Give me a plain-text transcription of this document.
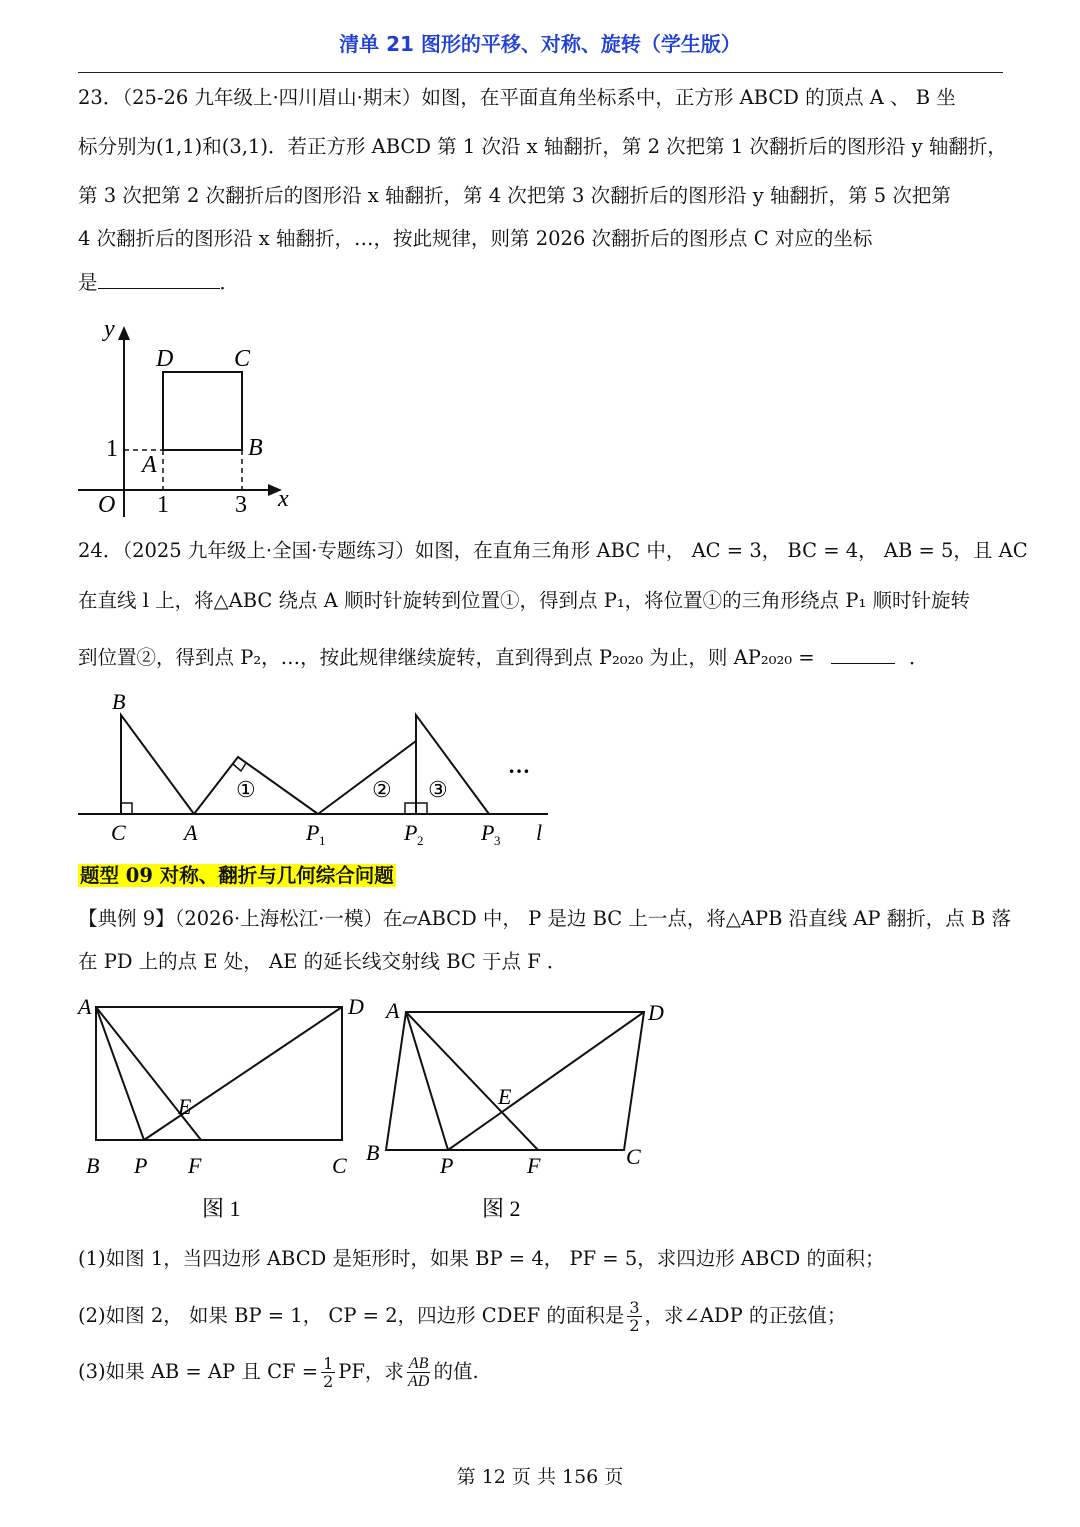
清单 21 图形的平移、对称、旋转（学生版）
23．（25-26 九年级上·四川眉山·期末）如图，在平面直角坐标系中，正方形 ABCD 的顶点 A 、 B 坐
标分别为(1,1)和(3,1)．若正方形 ABCD 第 1 次沿 x 轴翻折，第 2 次把第 1 次翻折后的图形沿 y 轴翻折，
第 3 次把第 2 次翻折后的图形沿 x 轴翻折，第 4 次把第 3 次翻折后的图形沿 y 轴翻折，第 5 次把第
4 次翻折后的图形沿 x 轴翻折，…，按此规律，则第 2026 次翻折后的图形点 C 对应的坐标
是	．
y
x
O
D	C
A
B
1
1	3
24．（2025 九年级上·全国·专题练习）如图，在直角三角形 ABC 中， AC = 3， BC = 4， AB = 5，且 AC
在直线 l 上，将△ABC 绕点 A 顺时针旋转到位置①，得到点 P₁，将位置①的三角形绕点 P₁ 顺时针旋转
到位置②，得到点 P₂，…，按此规律继续旋转，直到得到点 P₂₀₂₀ 为止，则 AP₂₀₂₀ =	．
B
C	A	P 1	P 2	P 3 l
①	② ③
…
题型 09 对称、翻折与几何综合问题
【典例 9】（2026·上海松江·一模）在▱ABCD 中， P 是边 BC 上一点，将△APB 沿直线 AP 翻折，点 B 落
在 PD 上的点 E 处， AE 的延长线交射线 BC 于点 F ．
A	D
E
B P F	C
图 1
A	D
E
B
P	F	C
图 2
(1)如图 1，当四边形 ABCD 是矩形时，如果 BP = 4， PF = 5，求四边形 ABCD 的面积；
(2)如图 2， 如果 BP = 1， CP = 2，四边形 CDEF 的面积是 $\frac{3}{2}$ ，求∠ADP 的正弦值；
(3)如果 AB = AP 且 CF = $\frac{1}{2}$ PF，求 $\frac{AB}{AD}$ 的值.
第 12 页 共 156 页
